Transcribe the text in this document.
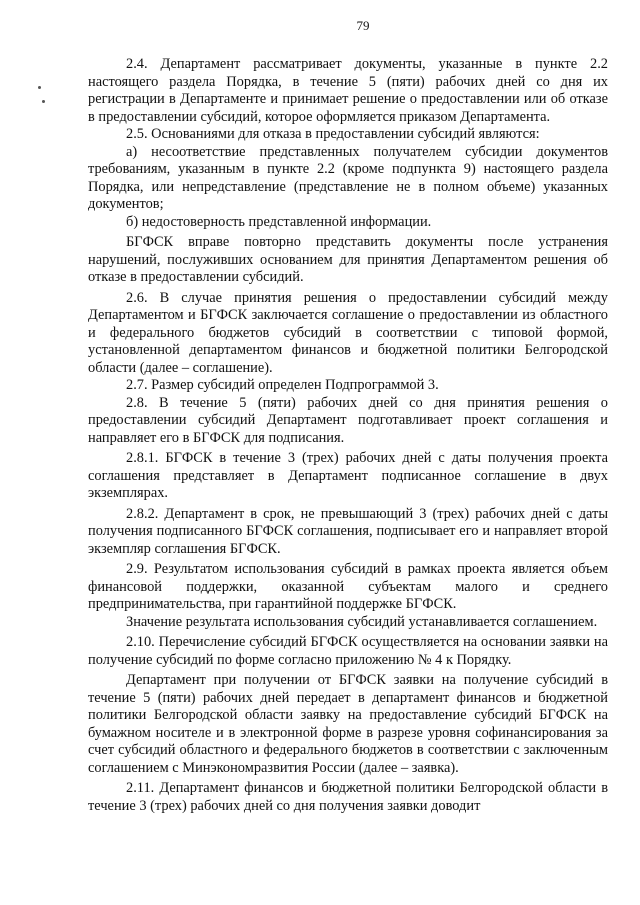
79

2.4. Департамент рассматривает документы, указанные в пункте 2.2 настоящего раздела Порядка, в течение 5 (пяти) рабочих дней со дня их регистрации в Департаменте и принимает решение о предоставлении или об отказе в предоставлении субсидий, которое оформляется приказом Департамента.

2.5. Основаниями для отказа в предоставлении субсидий являются:

а) несоответствие представленных получателем субсидии документов требованиям, указанным в пункте 2.2 (кроме подпункта 9) настоящего раздела Порядка, или непредставление (представление не в полном объеме) указанных документов;

б) недостоверность представленной информации.

БГФСК вправе повторно представить документы после устранения нарушений, послуживших основанием для принятия Департаментом решения об отказе в предоставлении субсидий.

2.6. В случае принятия решения о предоставлении субсидий между Департаментом и БГФСК заключается соглашение о предоставлении из областного и федерального бюджетов субсидий в соответствии с типовой формой, установленной департаментом финансов и бюджетной политики Белгородской области (далее – соглашение).

2.7. Размер субсидий определен Подпрограммой 3.

2.8. В течение 5 (пяти) рабочих дней со дня принятия решения о предоставлении субсидий Департамент подготавливает проект соглашения и направляет его в БГФСК для подписания.

2.8.1. БГФСК в течение 3 (трех) рабочих дней с даты получения проекта соглашения представляет в Департамент подписанное соглашение в двух экземплярах.

2.8.2. Департамент в срок, не превышающий 3 (трех) рабочих дней с даты получения подписанного БГФСК соглашения, подписывает его и направляет второй экземпляр соглашения БГФСК.

2.9. Результатом использования субсидий в рамках проекта является объем финансовой поддержки, оказанной субъектам малого и среднего предпринимательства, при гарантийной поддержке БГФСК.

Значение результата использования субсидий устанавливается соглашением.

2.10. Перечисление субсидий БГФСК осуществляется на основании заявки на получение субсидий по форме согласно приложению № 4 к Порядку.

Департамент при получении от БГФСК заявки на получение субсидий в течение 5 (пяти) рабочих дней передает в департамент финансов и бюджетной политики Белгородской области заявку на предоставление субсидий БГФСК на бумажном носителе и в электронной форме в разрезе уровня софинансирования за счет субсидий областного и федерального бюджетов в соответствии с заключенным соглашением с Минэкономразвития России (далее – заявка).

2.11. Департамент финансов и бюджетной политики Белгородской области в течение 3 (трех) рабочих дней со дня получения заявки доводит
